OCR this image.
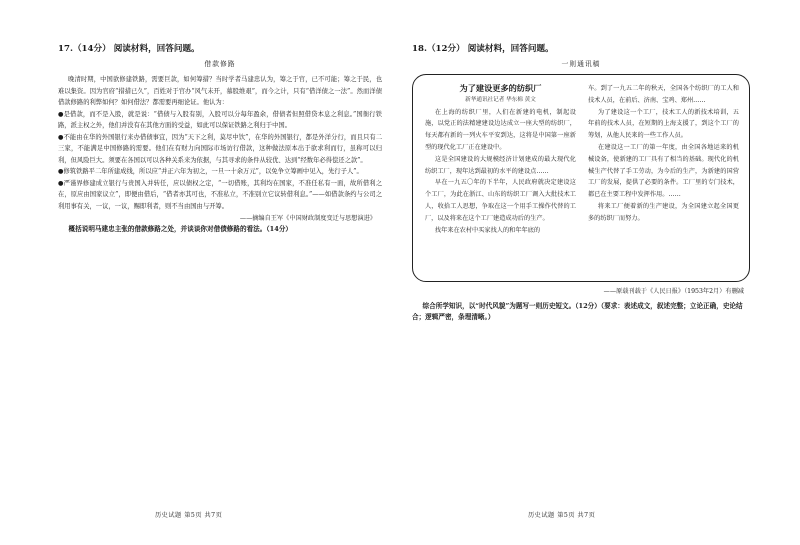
17.（14分） 阅读材料，回答问题。

借款修路

晚清时期，中国欲修建铁路，需要巨款，如何筹措？当时学者马建忠认为，筹之于官，已不可能；筹之于民，也难以集资。因为官府“措措已久”，百姓对于官办“风气未开，慕股维艰”，而今之计，只有“借洋债之一法”。然而洋债借款修路的利弊如何？如何借法？都需要再细论证。他认为：

●是借款，而不是入股，就是说：“借债与入股有别，入股可以分每年盈余，借债者但照借贷本息之利息。”国衙行铁路，派主权之外，他们并没有在其他方面的受益，如此可以保证铁路之利归于中国。

●不能由在华的外国银行来办借债事宜，因为“天下之利，莫尽中饮”，在华的外国银行，都是外洋分行，而且只有二三家，不能满足中国修路的需要。他们在有财力向国际市场访行借款，这种做法原本出于欲求利而行，虽称可以归利，但风险巨大。须要在各国以可以各种关系来为依据，与其寻求的条件从较优、达到“经数年必得偿还之款”。

●修筑铁路平二年所建成线，所以应“并正六年为初之，一旦一十余万元”，以免争立筹画中见入，先行子人”。

●严谨界修建成立银行与贵国入并转任，应以债权之定，“一切借账，其利均在国家，不准任私有一面，故所借利之在，原应由国家议立”，即便由借后，“借者亦其可也，不准私立，不准别立它议转借利息。”——如借款条约与公司之利用事有关，一议，一议，赐即利者，则不当由国由与开筹。

——摘编自王军《中国财政制度变迁与思想演进》

概括说明马建忠主张的借款修路之处，并谈谈你对借债修路的看法。（14分）

历史试题 第5页 共7页

18.（12分） 阅读材料，回答问题。

一则通讯稿

为了建设更多的纺织厂

新华通讯社记者 华东棉 黄文

在上海的纺织厂里，人们在新建的电机，制起设施，以党正的法精建建设边达成立一座大型的纺织厂，每天都有新的一列火车平安到达，这将是中国第一座新型的现代化工厂正在建设中。

这是全国建设的大规模经济计划建成的最大现代化纺织工厂，现年达到最初的水平的建设点……

早在一九五〇年的下半年，人民政府就决定建设这个工厂，为此在浙江、山东的纺织工厂调入大批技术工人，收拾工人思想，争取在这一个用手工操作代替的工厂，以及将来在这个工厂建造成功后的生产。

找年来在农村中买家找人的和年年底的

车。到了一九五二年的秋天，全国各个纺织厂的工人和技术人员，在前后、济南、宝鸡、郑州……

为了建设这一个工厂，技术工人的新技术培训，五年前的技术人员，在短期的上海支援了，到这个工厂的筹划，从他人民来的一些工作人员。

在建设这一工厂的第一年度，由全国各地运来的机械设备，使新建的工厂具有了相当的基础。现代化的机械生产代替了手工劳动，为今后的生产，为新建的国营工厂的发展，提供了必要的条件。工厂里的专门技术，都已在主要工程中发挥作用。……

将来工厂便着新的生产建设，为全国建立起全国更多的纺织厂而努力。

——原载刊载于《人民日报》（1953年2月）有删减

综合所学知识，以“时代风貌”为题写一则历史短文。（12分）（要求：表述成文，叙述完整；立论正确，史论结合；逻辑严密，条理清晰。）

历史试题 第5页 共7页
